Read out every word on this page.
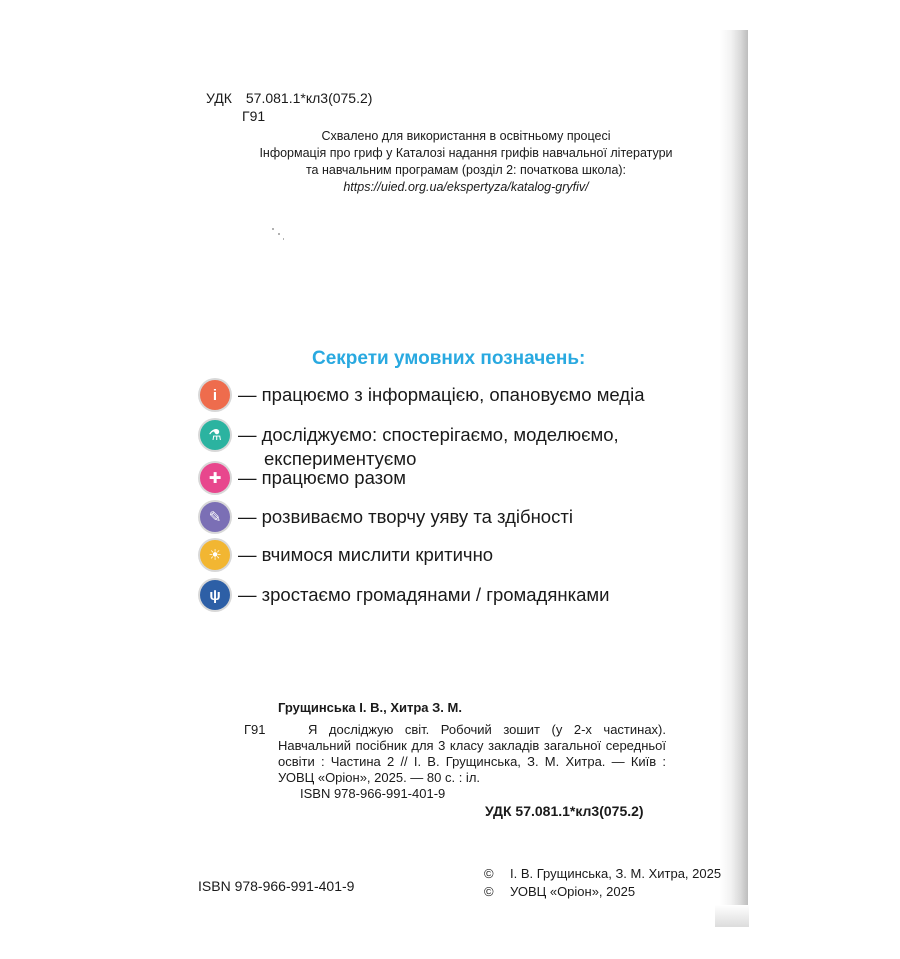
УДК 57.081.1*кл3(075.2)
Г91
Схвалено для використання в освітньому процесі
Інформація про гриф у Каталозі надання грифів навчальної літератури
та навчальним програмам (розділ 2: початкова школа):
https://uied.org.ua/ekspertyza/katalog-gryfiv/
Секрети умовних позначень:
i	— працюємо з інформацією, опановуємо медіа
⚗ — досліджуємо: спостерігаємо, моделюємо,
експериментуємо
✚ — працюємо разом
✎ — розвиваємо творчу уяву та здібності
☀ — вчимося мислити критично
ψ — зростаємо громадянами / громадянками
Грущинська І. В., Хитра З. М.
Г91	Я досліджую світ. Робочий зошит (у 2-х частинах). Навчальний посібник для 3 класу закладів загальної середньої освіти : Частина 2 // І. В. Грущинська, З. М. Хитра. — Київ : УОВЦ «Оріон», 2025. — 80 с. : іл.
ISBN 978-966-991-401-9
УДК 57.081.1*кл3(075.2)
ISBN 978-966-991-401-9
© І. В. Грущинська, З. М. Хитра, 2025
© УОВЦ «Оріон», 2025
